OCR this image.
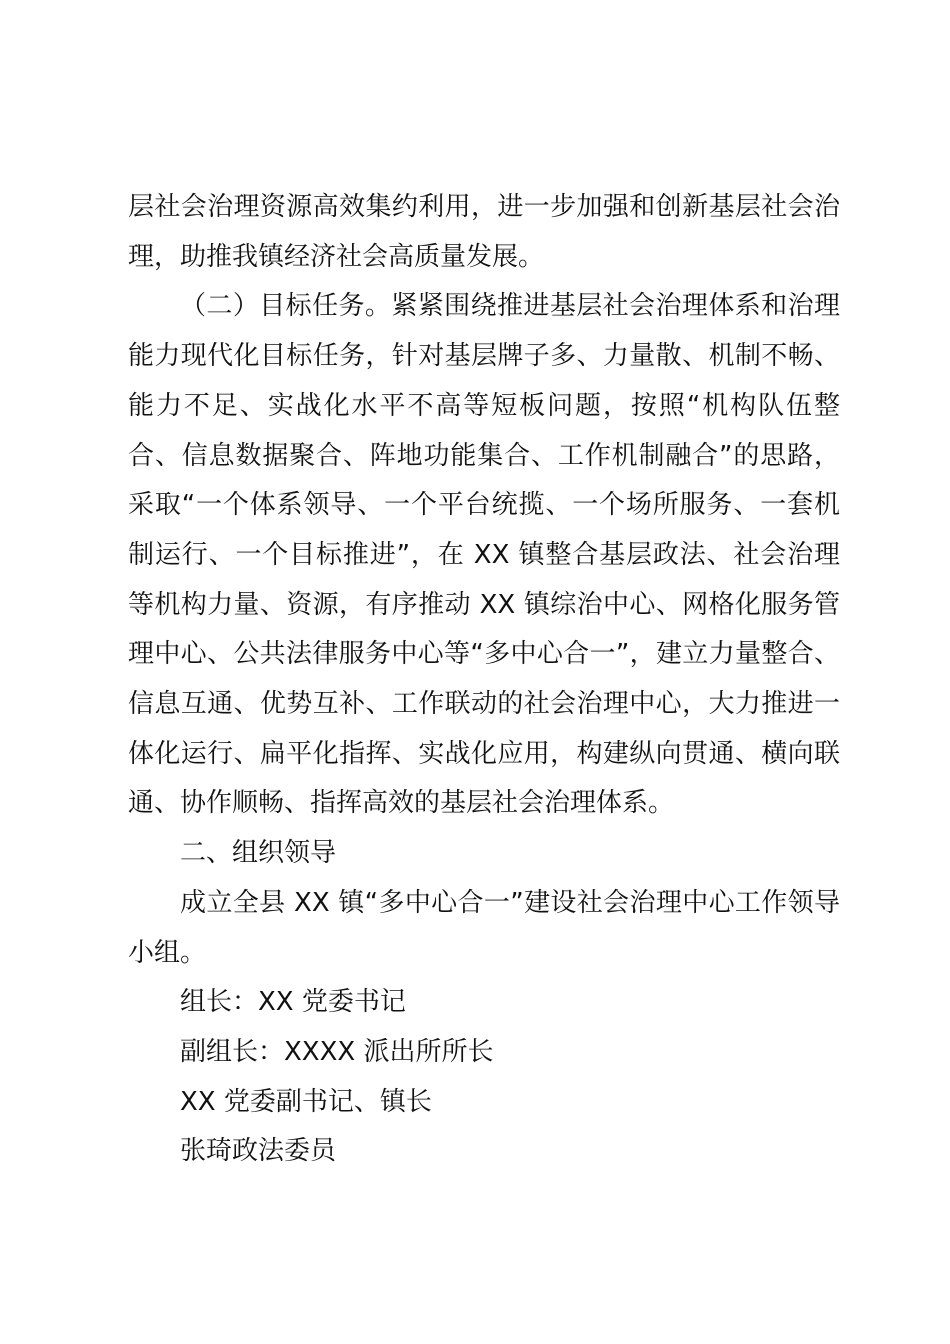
层社会治理资源高效集约利用，进一步加强和创新基层社会治理，助推我镇经济社会高质量发展。

（二）目标任务。紧紧围绕推进基层社会治理体系和治理能力现代化目标任务，针对基层牌子多、力量散、机制不畅、能力不足、实战化水平不高等短板问题，按照“机构队伍整合、信息数据聚合、阵地功能集合、工作机制融合”的思路，采取“一个体系领导、一个平台统揽、一个场所服务、一套机制运行、一个目标推进”，在 XX 镇整合基层政法、社会治理等机构力量、资源，有序推动 XX 镇综治中心、网格化服务管理中心、公共法律服务中心等“多中心合一”，建立力量整合、信息互通、优势互补、工作联动的社会治理中心，大力推进一体化运行、扁平化指挥、实战化应用，构建纵向贯通、横向联通、协作顺畅、指挥高效的基层社会治理体系。

二、组织领导

成立全县 XX 镇“多中心合一”建设社会治理中心工作领导小组。

组长：XX 党委书记

副组长：XXXX 派出所所长

XX 党委副书记、镇长

张琦政法委员
